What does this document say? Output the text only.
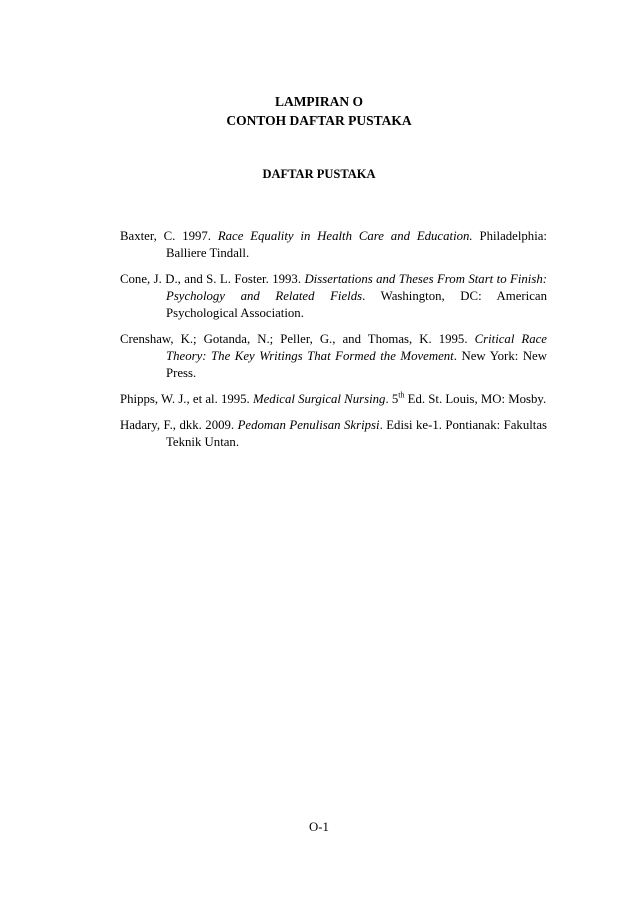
LAMPIRAN O
CONTOH DAFTAR PUSTAKA
DAFTAR PUSTAKA

Baxter, C. 1997. Race Equality in Health Care and Education. Philadelphia: Balliere Tindall.

Cone, J. D., and S. L. Foster. 1993. Dissertations and Theses From Start to Finish: Psychology and Related Fields. Washington, DC: American Psychological Association.

Crenshaw, K.; Gotanda, N.; Peller, G., and Thomas, K. 1995. Critical Race Theory: The Key Writings That Formed the Movement. New York: New Press.

Phipps, W. J., et al. 1995. Medical Surgical Nursing. 5th Ed. St. Louis, MO: Mosby.

Hadary, F., dkk. 2009. Pedoman Penulisan Skripsi. Edisi ke-1. Pontianak: Fakultas Teknik Untan.

O-1
